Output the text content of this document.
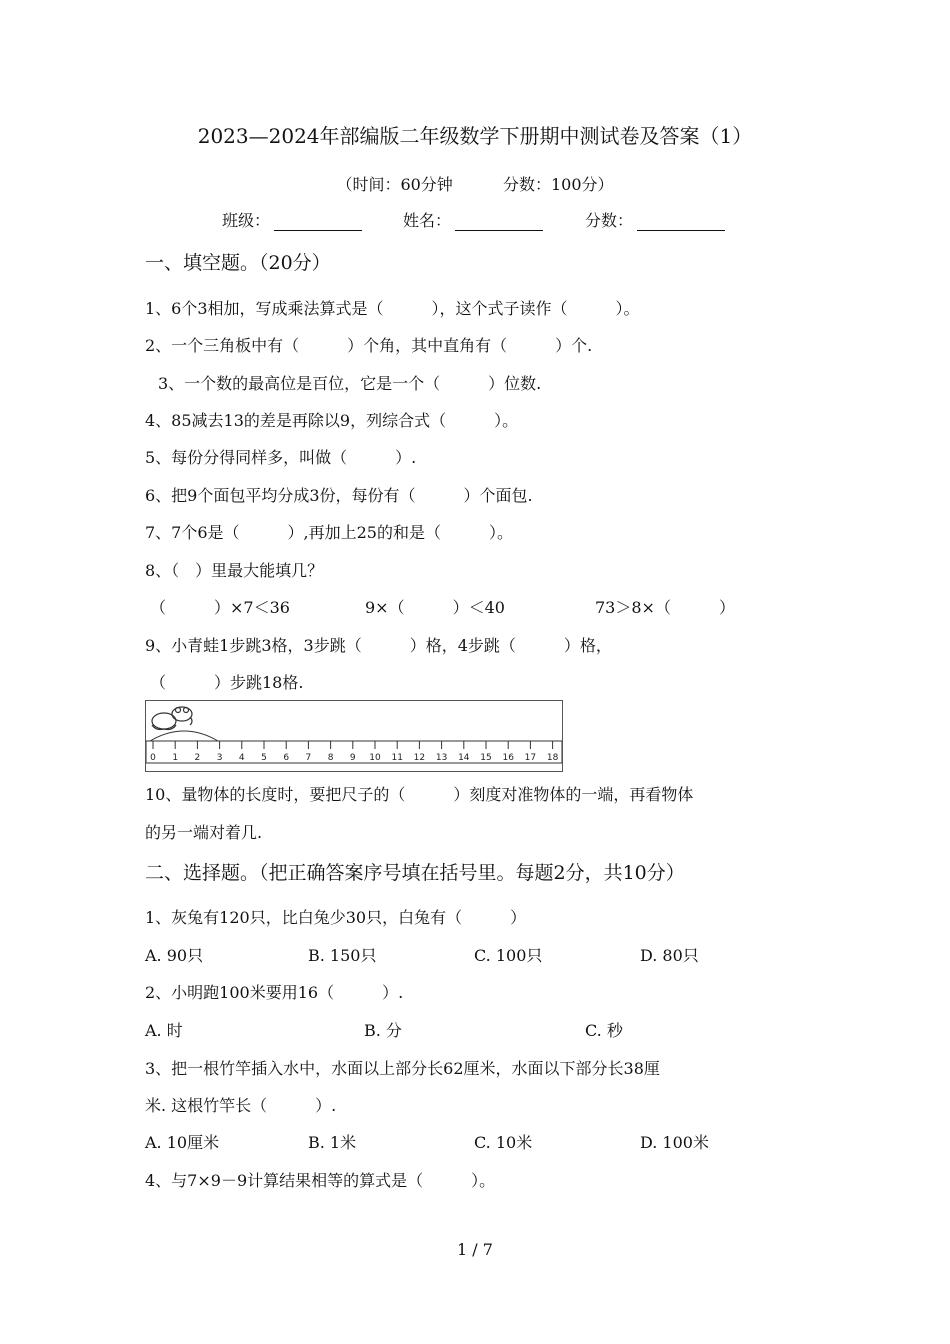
2023—2024年部编版二年级数学下册期中测试卷及答案（1）
（时间：60分钟	分数：100分）
班级：	姓名：	分数：
一、填空题。（20分）
1、6个3相加，写成乘法算式是（　　　），这个式子读作（　　　）。
2、一个三角板中有（　　　）个角，其中直角有（　　　）个.
3、一个数的最高位是百位，它是一个（　　　）位数.
4、85减去13的差是再除以9，列综合式（　　　）。
5、每份分得同样多，叫做（　　　）.
6、把9个面包平均分成3份，每份有（　　　）个面包.
7、7个6是（　　　）,再加上25的和是（　　　）。
8、（　）里最大能填几？
（　　　）×7＜36	9×（　　　）＜40	73＞8×（　　　）
9、小青蛙1步跳3格，3步跳（　　　）格，4步跳（　　　）格，
（　　　）步跳18格.
0 1 2 3 4 5 6 7 8 9 10 11 12 13 14 15 16 17 18
10、量物体的长度时，要把尺子的（　　　）刻度对准物体的一端，再看物体
的另一端对着几.
二、选择题。（把正确答案序号填在括号里。每题2分，共10分）
1、灰兔有120只，比白兔少30只，白兔有（　　　）
A. 90只	B. 150只	C. 100只	D. 80只
2、小明跑100米要用16（　　　）.
A. 时	B. 分	C. 秒
3、把一根竹竿插入水中，水面以上部分长62厘米，水面以下部分长38厘
米. 这根竹竿长（　　　）.
A. 10厘米	B. 1米	C. 10米	D. 100米
4、与7×9－9计算结果相等的算式是（　　　）。
1 / 7
